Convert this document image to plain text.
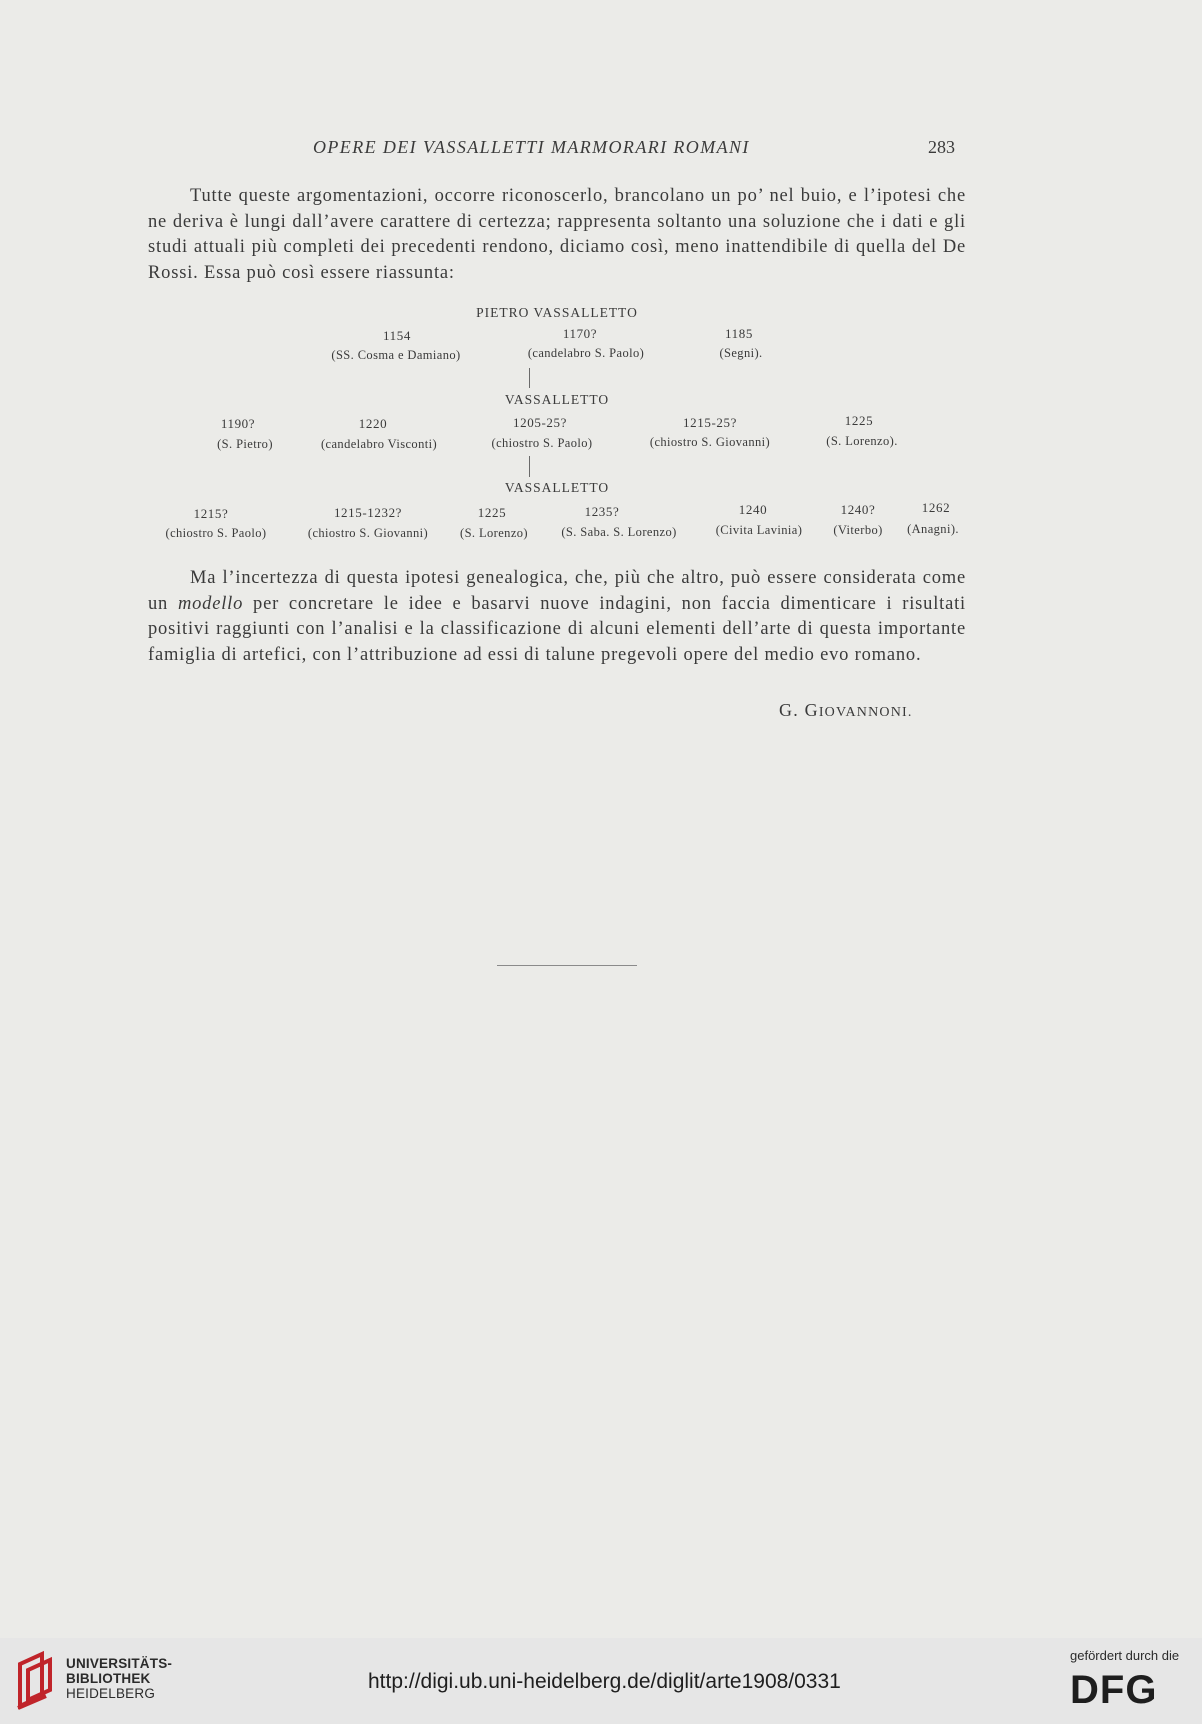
OPERE DEI VASSALLETTI MARMORARI ROMANI	283

Tutte queste argomentazioni, occorre riconoscerlo, brancolano un po’ nel buio, e l’ipotesi che ne deriva è lungi dall’avere carattere di certezza; rappresenta soltanto una soluzione che i dati e gli studi attuali più completi dei precedenti rendono, diciamo così, meno inattendibile di quella del De Rossi. Essa può così essere riassunta:

PIETRO VASSALLETTO
1154	1170?	1185
(SS. Cosma e Damiano)	(candelabro S. Paolo)	(Segni).
VASSALLETTO
1190?	1220	1205-25?	1215-25?	1225
(S. Pietro)	(candelabro Visconti)	(chiostro S. Paolo)	(chiostro S. Giovanni)	(S. Lorenzo).
VASSALLETTO
1215?	1215-1232?	1225	1235?	1240	1240?	1262
(chiostro S. Paolo)	(chiostro S. Giovanni)	(S. Lorenzo)	(S. Saba. S. Lorenzo)	(Civita Lavinia) (Viterbo) (Anagni).

Ma l’incertezza di questa ipotesi genealogica, che, più che altro, può essere considerata come un modello per concretare le idee e basarvi nuove indagini, non faccia dimenticare i risultati positivi raggiunti con l’analisi e la classificazione di alcuni elementi dell’arte di questa importante famiglia di artefici, con l’attribuzione ad essi di talune pregevoli opere del medio evo romano.

G. GIOVANNONI.
UNIVERSITÄTS-
BIBLIOTHEK
HEIDELBERG
http://digi.ub.uni-heidelberg.de/diglit/arte1908/0331
gefördert durch die
DFG
